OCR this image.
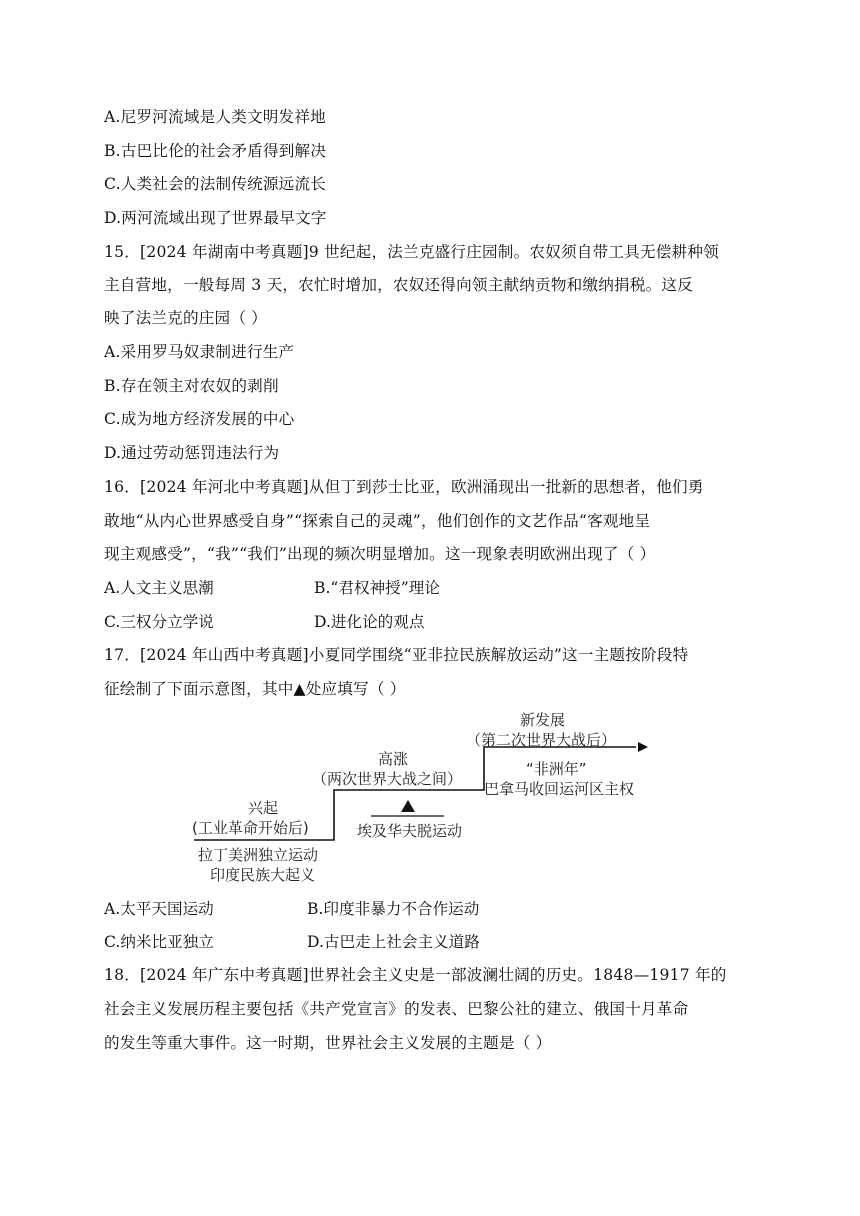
A.尼罗河流域是人类文明发祥地
B.古巴比伦的社会矛盾得到解决
C.人类社会的法制传统源远流长
D.两河流域出现了世界最早文字
15．[2024 年湖南中考真题]9 世纪起，法兰克盛行庄园制。农奴须自带工具无偿耕种领
主自营地，一般每周 3 天，农忙时增加，农奴还得向领主献纳贡物和缴纳捐税。这反
映了法兰克的庄园（ ）
A.采用罗马奴隶制进行生产
B.存在领主对农奴的剥削
C.成为地方经济发展的中心
D.通过劳动惩罚违法行为
16．[2024 年河北中考真题]从但丁到莎士比亚，欧洲涌现出一批新的思想者，他们勇
敢地“从内心世界感受自身”“探索自己的灵魂”，他们创作的文艺作品“客观地呈
现主观感受”，“我”“我们”出现的频次明显增加。这一现象表明欧洲出现了（ ）
A.人文主义思潮	B.“君权神授”理论
C.三权分立学说	D.进化论的观点
17．[2024 年山西中考真题]小夏同学围绕“亚非拉民族解放运动”这一主题按阶段特
征绘制了下面示意图，其中▲处应填写（ ）
兴起
(工业革命开始后)
拉丁美洲独立运动
印度民族大起义
高涨
（两次世界大战之间）
埃及华夫脱运动
新发展
（第二次世界大战后）
“非洲年”
巴拿马收回运河区主权
A.太平天国运动	B.印度非暴力不合作运动
C.纳米比亚独立	D.古巴走上社会主义道路
18．[2024 年广东中考真题]世界社会主义史是一部波澜壮阔的历史。1848—1917 年的
社会主义发展历程主要包括《共产党宣言》的发表、巴黎公社的建立、俄国十月革命
的发生等重大事件。这一时期，世界社会主义发展的主题是（ ）
